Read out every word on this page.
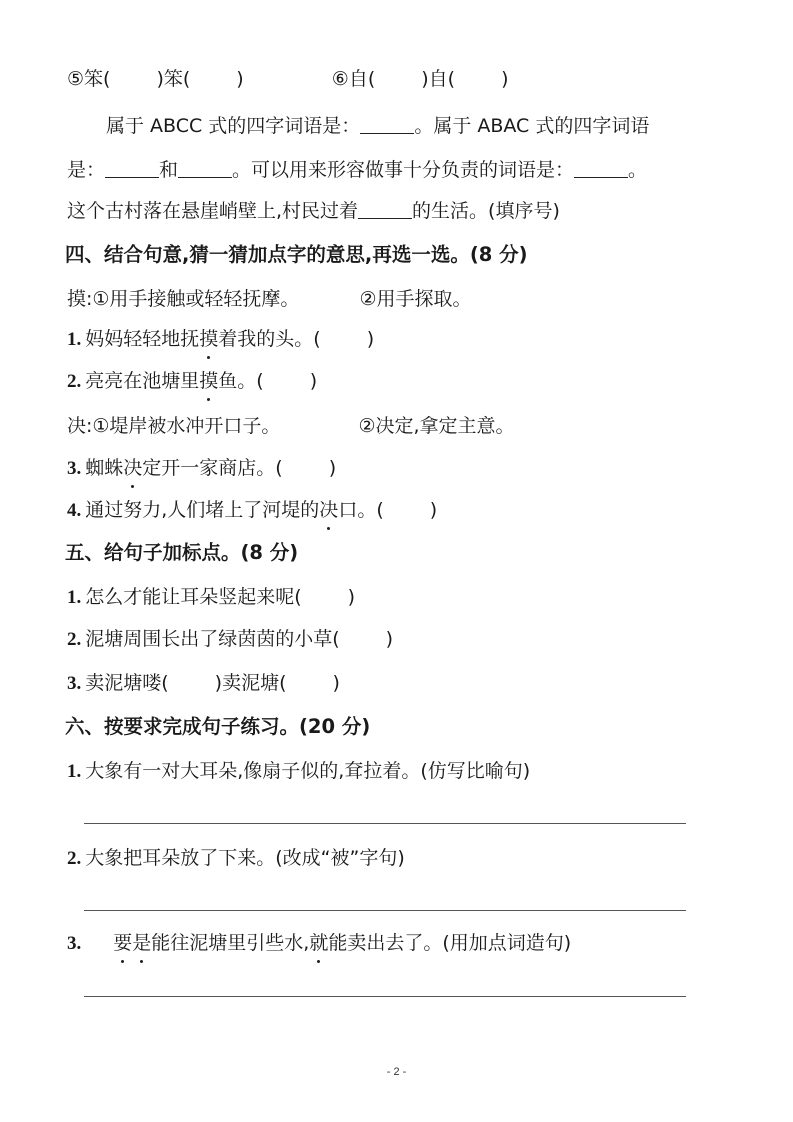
⑤笨( )笨( )	⑥自( )自( )
属于 ABCC 式的四字词语是：	。属于 ABAC 式的四字词语
是：	和	。可以用来形容做事十分负责的词语是：	。
这个古村落在悬崖峭壁上,村民过着	的生活。(填序号)
四、结合句意,猜一猜加点字的意思,再选一选。(8 分)
摸:①用手接触或轻轻抚摩。	②用手探取。
1. 妈妈轻轻地抚摸着我的头。( )
2. 亮亮在池塘里摸鱼。( )
决:①堤岸被水冲开口子。	②决定,拿定主意。
3. 蜘蛛决定开一家商店。( )
4. 通过努力,人们堵上了河堤的决口。( )
五、给句子加标点。(8 分)
1. 怎么才能让耳朵竖起来呢( )
2. 泥塘周围长出了绿茵茵的小草( )
3. 卖泥塘喽( )卖泥塘( )
六、按要求完成句子练习。(20 分)
1. 大象有一对大耳朵,像扇子似的,耷拉着。(仿写比喻句)
2. 大象把耳朵放了下来。(改成“被”字句)
3. 要是能往泥塘里引些水,就能卖出去了。(用加点词造句)
- 2 -
